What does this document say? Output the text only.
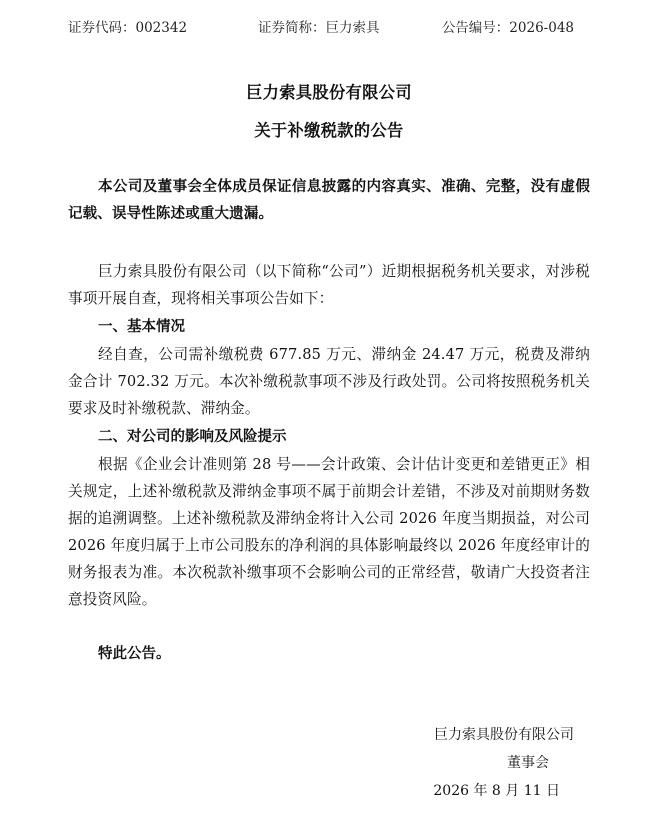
证券代码：002342	证券简称：巨力索具	公告编号：2026-048
巨力索具股份有限公司
关于补缴税款的公告

本公司及董事会全体成员保证信息披露的内容真实、准确、完整，没有虚假记载、误导性陈述或重大遗漏。

巨力索具股份有限公司（以下简称“公司”）近期根据税务机关要求，对涉税事项开展自查，现将相关事项公告如下：

一、基本情况

经自查，公司需补缴税费 677.85 万元、滞纳金 24.47 万元，税费及滞纳金合计 702.32 万元。本次补缴税款事项不涉及行政处罚。公司将按照税务机关要求及时补缴税款、滞纳金。

二、对公司的影响及风险提示

根据《企业会计准则第 28 号——会计政策、会计估计变更和差错更正》相关规定，上述补缴税款及滞纳金事项不属于前期会计差错，不涉及对前期财务数据的追溯调整。上述补缴税款及滞纳金将计入公司 2026 年度当期损益，对公司 2026 年度归属于上市公司股东的净利润的具体影响最终以 2026 年度经审计的财务报表为准。本次税款补缴事项不会影响公司的正常经营，敬请广大投资者注意投资风险。

特此公告。

巨力索具股份有限公司
董事会
2026 年 8 月 11 日
